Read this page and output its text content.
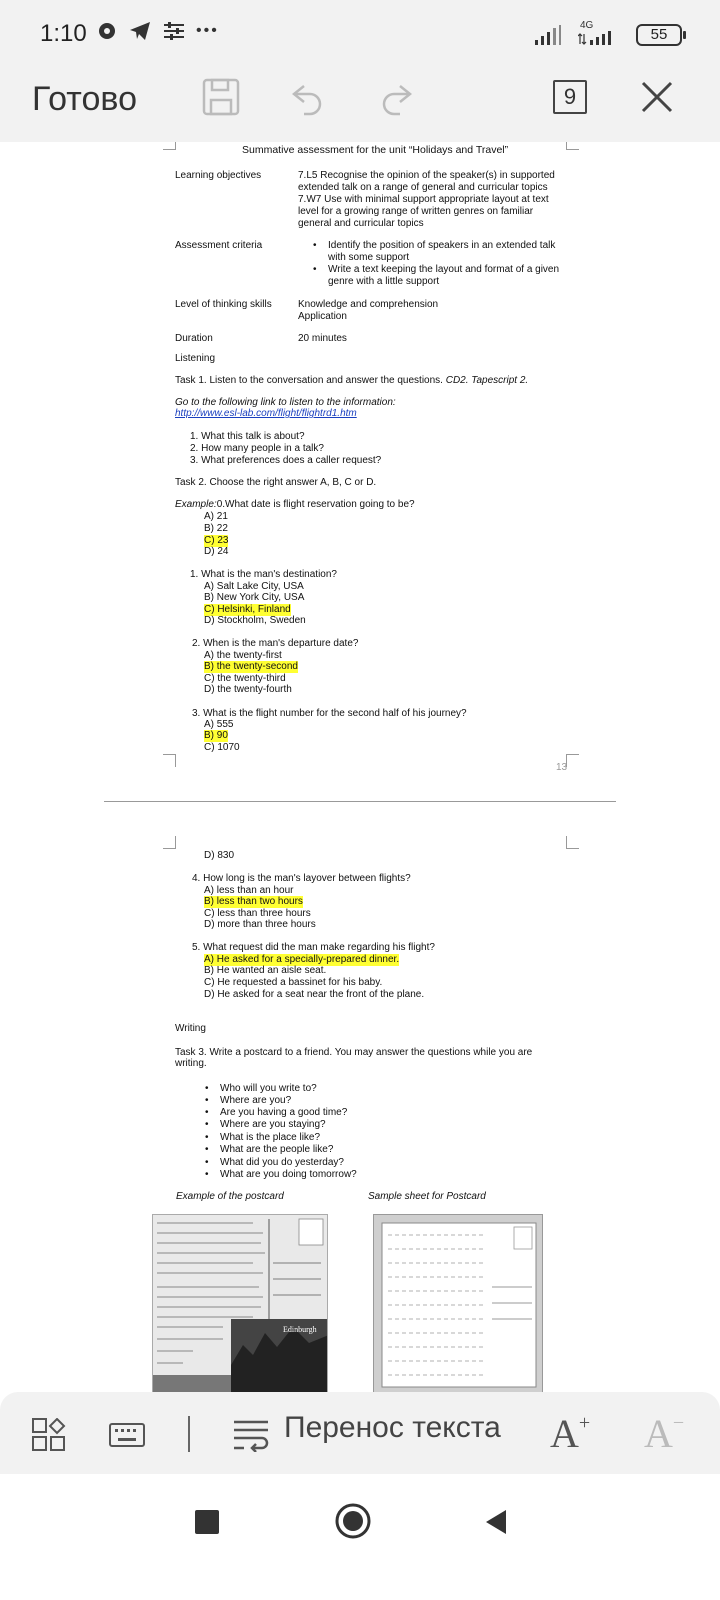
1:10	•••	4G
55
Готово	9
Summative assessment for the unit “Holidays and Travel”
Learning objectives	7.L5 Recognise the opinion of the speaker(s) in supported
extended talk on a range of general and curricular topics
7.W7 Use with minimal support appropriate layout at text
level for a growing range of written genres on familiar
general and curricular topics
Assessment criteria	• Identify the position of speakers in an extended talk
with some support
• Write a text keeping the layout and format of a given
genre with a little support
Level of thinking skills	Knowledge and comprehension
Application
Duration	20 minutes
Listening
Task 1. Listen to the conversation and answer the questions. CD2. Tapescript 2.
Go to the following link to listen to the information:
http://www.esl-lab.com/flight/flightrd1.htm
1. What this talk is about?
2. How many people in a talk?
3. What preferences does a caller request?
Task 2. Choose the right answer A, B, C or D.
Example:0.What date is flight reservation going to be?
A) 21
B) 22
C) 23
D) 24
1. What is the man's destination?
A) Salt Lake City, USA
B) New York City, USA
C) Helsinki, Finland
D) Stockholm, Sweden
2. When is the man's departure date?
A) the twenty-first
B) the twenty-second
C) the twenty-third
D) the twenty-fourth
3. What is the flight number for the second half of his journey?
A) 555
B) 90
C) 1070
13
D) 830
4. How long is the man's layover between flights?
A) less than an hour
B) less than two hours
C) less than three hours
D) more than three hours
5. What request did the man make regarding his flight?
A) He asked for a specially-prepared dinner.
B) He wanted an aisle seat.
C) He requested a bassinet for his baby.
D) He asked for a seat near the front of the plane.
Writing
Task 3. Write a postcard to a friend. You may answer the questions while you are
writing.
• Who will you write to?
• Where are you?
• Are you having a good time?
• Where are you staying?
• What is the place like?
• What are the people like?
• What did you do yesterday?
• What are you doing tomorrow?
Example of the postcard	Sample sheet for Postcard
Edinburgh
Перенос текста A+ A−
